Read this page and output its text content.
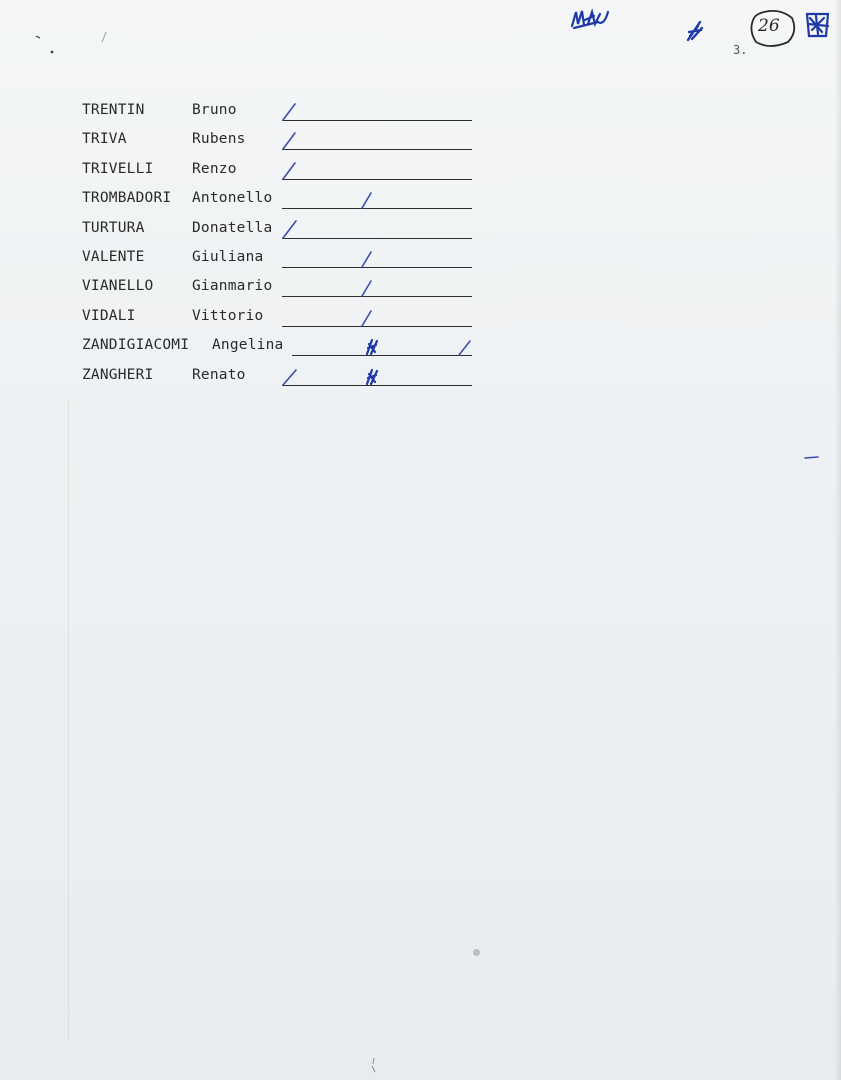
26
3.
TRENTIN	Bruno
TRIVA	Rubens
TRIVELLI	Renzo
TROMBADORI Antonello
TURTURA	Donatella
VALENTE	Giuliana
VIANELLO	Gianmario
VIDALI	Vittorio
ZANDIGIACOMI Angelina
ZANGHERI	Renato
